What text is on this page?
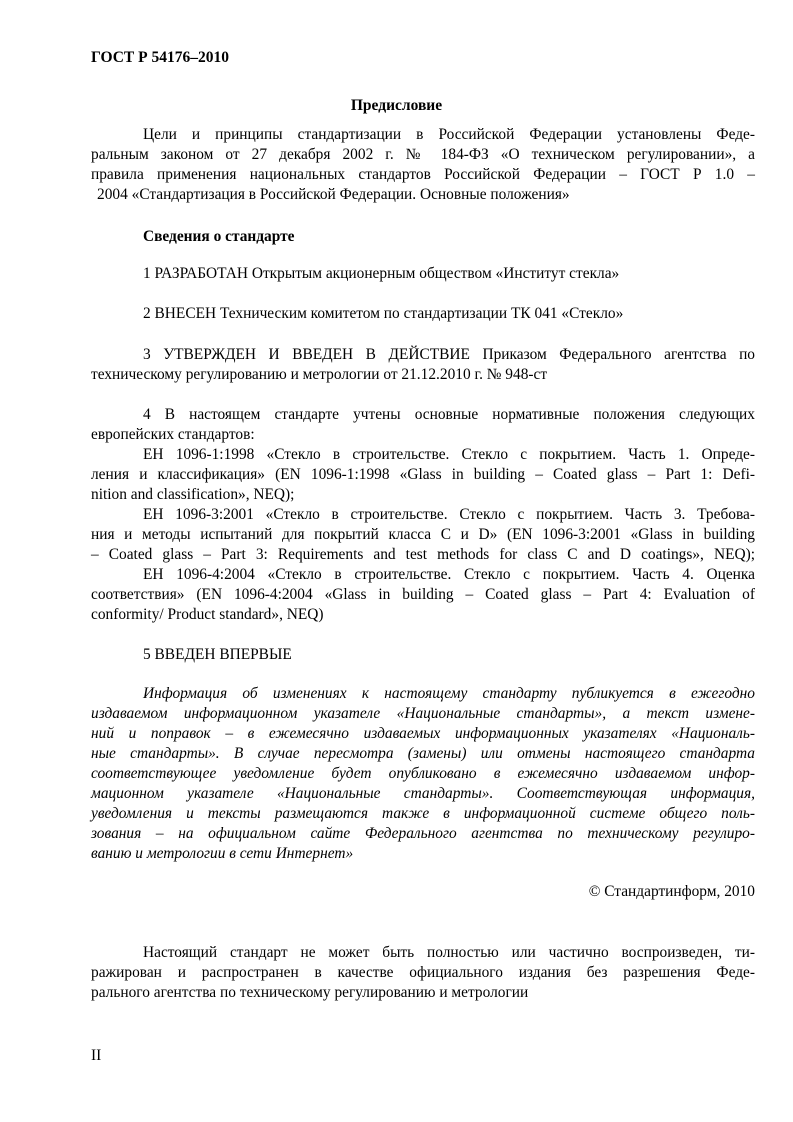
ГОСТ Р 54176–2010
Предисловие
Цели и принципы стандартизации в Российской Федерации установлены Феде-
ральным законом от 27 декабря 2002 г. № 184-ФЗ «О техническом регулировании», а
правила применения национальных стандартов Российской Федерации – ГОСТ Р 1.0 –
2004 «Стандартизация в Российской Федерации. Основные положения»
Сведения о стандарте
1 РАЗРАБОТАН Открытым акционерным обществом «Институт стекла»
2 ВНЕСЕН Техническим комитетом по стандартизации ТК 041 «Стекло»
3 УТВЕРЖДЕН И ВВЕДЕН В ДЕЙСТВИЕ Приказом Федерального агентства по
техническому регулированию и метрологии от 21.12.2010 г. № 948-ст
4 В настоящем стандарте учтены основные нормативные положения следующих
европейских стандартов:
ЕН 1096-1:1998 «Стекло в строительстве. Стекло с покрытием. Часть 1. Опреде-
ления и классификация» (EN 1096-1:1998 «Glass in building – Coated glass – Part 1: Defi-
nition and classification», NEQ);
ЕН 1096-3:2001 «Стекло в строительстве. Стекло с покрытием. Часть 3. Требова-
ния и методы испытаний для покрытий класса С и D» (EN 1096-3:2001 «Glass in building
– Coated glass – Part 3: Requirements and test methods for class C and D coatings», NEQ);
ЕН 1096-4:2004 «Стекло в строительстве. Стекло с покрытием. Часть 4. Оценка
соответствия» (EN 1096-4:2004 «Glass in building – Coated glass – Part 4: Evaluation of
conformity/ Product standard», NEQ)
5 ВВЕДЕН ВПЕРВЫЕ
Информация об изменениях к настоящему стандарту публикуется в ежегодно
издаваемом информационном указателе «Национальные стандарты», а текст измене-
ний и поправок – в ежемесячно издаваемых информационных указателях «Националь-
ные стандарты». В случае пересмотра (замены) или отмены настоящего стандарта
соответствующее уведомление будет опубликовано в ежемесячно издаваемом инфор-
мационном указателе «Национальные стандарты». Соответствующая информация,
уведомления и тексты размещаются также в информационной системе общего поль-
зования – на официальном сайте Федерального агентства по техническому регулиро-
ванию и метрологии в сети Интернет»
© Стандартинформ, 2010
Настоящий стандарт не может быть полностью или частично воспроизведен, ти-
ражирован и распространен в качестве официального издания без разрешения Феде-
рального агентства по техническому регулированию и метрологии
II
